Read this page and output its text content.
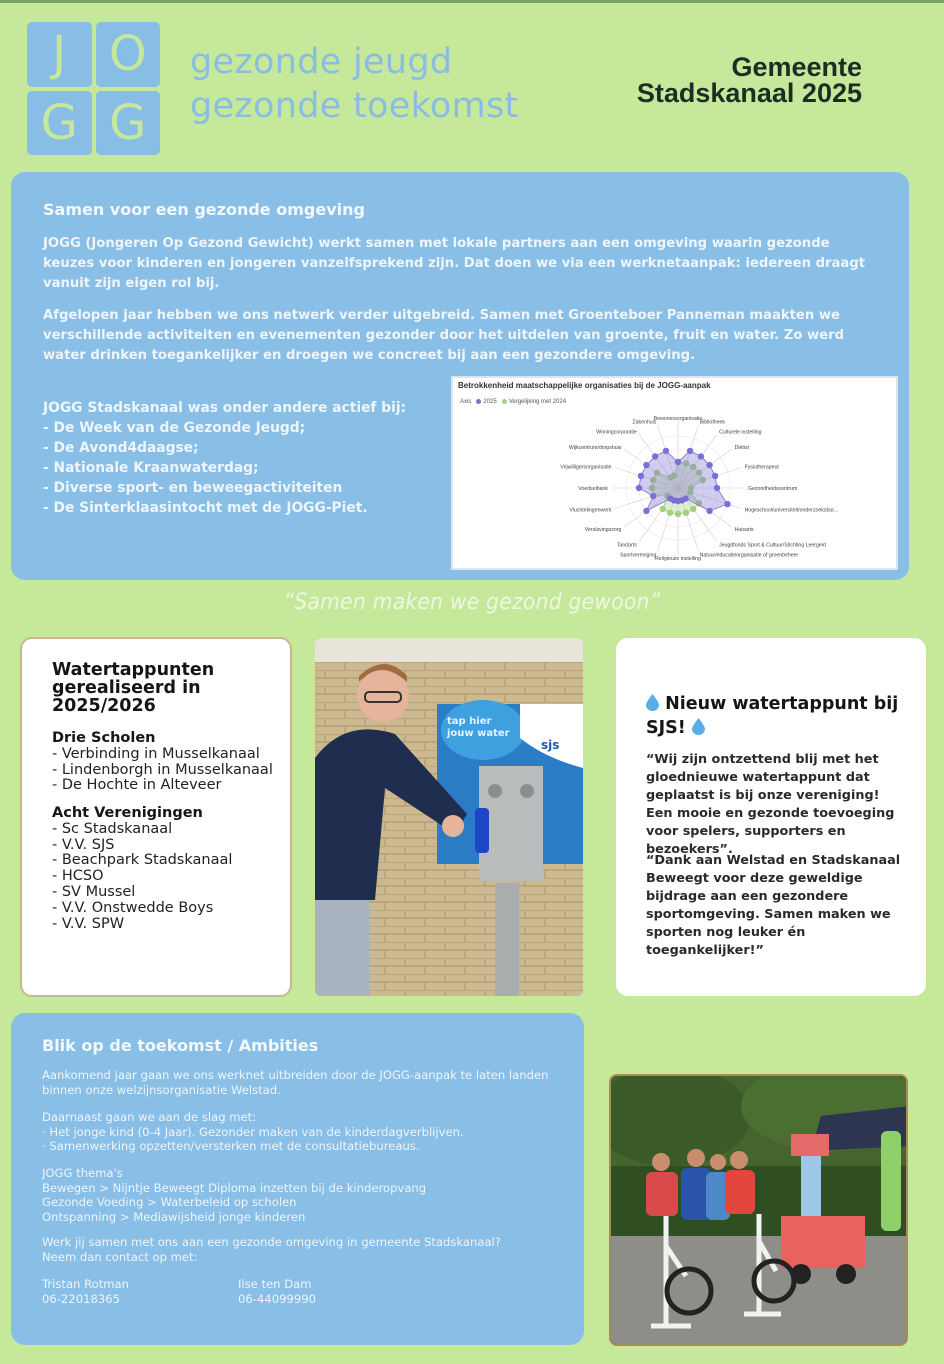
J O
G G
gezonde jeugd
gezonde toekomst
Gemeente
Stadskanaal 2025
Samen voor een gezonde omgeving

JOGG (Jongeren Op Gezond Gewicht) werkt samen met lokale partners aan een omgeving waarin gezonde keuzes voor kinderen en jongeren vanzelfsprekend zijn. Dat doen we via een werknetaanpak: iedereen draagt vanuit zijn eigen rol bij.

Afgelopen jaar hebben we ons netwerk verder uitgebreid. Samen met Groenteboer Panneman maakten we verschillende activiteiten en evenementen gezonder door het uitdelen van groente, fruit en water. Zo werd water drinken toegankelijker en droegen we concreet bij aan een gezondere omgeving.

JOGG Stadskanaal was onder andere actief bij:
- De Week van de Gezonde Jeugd;
- De Avond4daagse;
- Nationale Kraanwaterdag;
- Diverse sport- en beweegactiviteiten
- De Sinterklaasintocht met de JOGG-Piet.
Bewonersorganisatie
Bibliotheek
Culturele instelling
Diëtist
Fysiotherapeut
Gezondheidscentrum
Hogeschool/universiteit/onderzoeksbur...
Huisarts
Jeugdfonds Sport & Cultuur/Stichting Leergeld
Natuur/educatieorganisatie of groenbeheer
Religieuze instelling
Sportvereniging
Tandarts
Verslavingszorg
Vluchtelingenwerk
Voedselbank
Vrijwilligersorganisatie
Wijkcentrum/dorpshuis
Woningcorporatie
Zakenhuis
Betrokkenheid maatschappelijke organisaties bij de JOGG-aanpak
Axis	2025	Vergelijking met 2024
“Samen maken we gezond gewoon”
Watertappunten gerealiseerd in 2025/2026
Drie Scholen
- Verbinding in Musselkanaal
- Lindenborgh in Musselkanaal
- De Hochte in Alteveer
Acht Verenigingen
- Sc Stadskanaal
- V.V. SJS
- Beachpark Stadskanaal
- HCSO
- SV Mussel
- V.V. Onstwedde Boys
- V.V. SPW
tap hier jouw water
sjs
Nieuw watertappunt bij SJS!

“Wij zijn ontzettend blij met het gloednieuwe watertappunt dat geplaatst is bij onze vereniging! Een mooie en gezonde toevoeging voor spelers, supporters en bezoekers”.

“Dank aan Welstad en Stadskanaal Beweegt voor deze geweldige bijdrage aan een gezondere sportomgeving. Samen maken we sporten nog leuker én toegankelijker!”

Blik op de toekomst / Ambities

Aankomend jaar gaan we ons werknet uitbreiden door de JOGG-aanpak te laten landen binnen onze welzijnsorganisatie Welstad.

Daarnaast gaan we aan de slag met:
· Het jonge kind (0-4 Jaar). Gezonder maken van de kinderdagverblijven.
· Samenwerking opzetten/versterken met de consultatiebureaus.
JOGG thema's
Bewegen > Nijntje Beweegt Diploma inzetten bij de kinderopvang
Gezonde Voeding > Waterbeleid op scholen
Ontspanning > Mediawijsheid jonge kinderen

Werk jij samen met ons aan een gezonde omgeving in gemeente Stadskanaal? Neem dan contact op met:

Tristan Rotman
06-22018365
Ilse ten Dam
06-44099990
